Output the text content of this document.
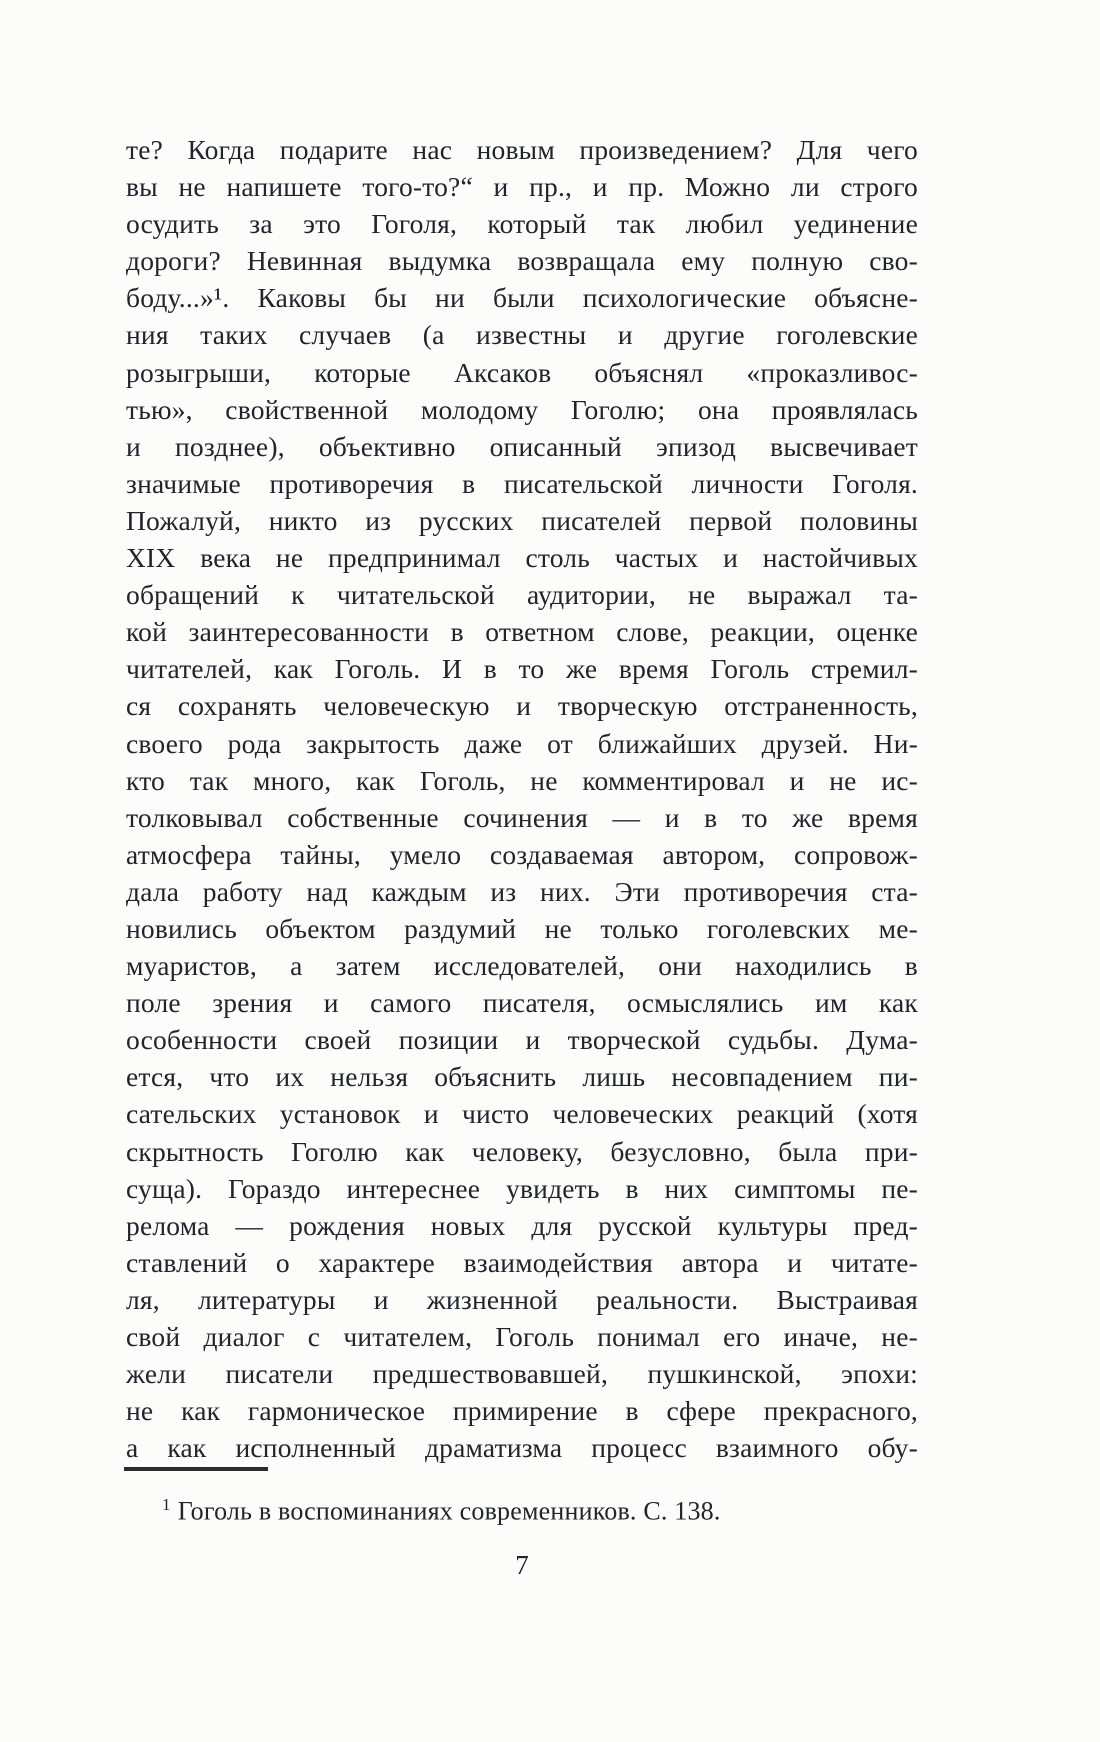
те? Когда подарите нас новым произведением? Для чего

вы не напишете того-то?“ и пр., и пр. Можно ли строго

осудить за это Гоголя, который так любил уединение

дороги? Невинная выдумка возвращала ему полную сво-

боду...»¹. Каковы бы ни были психологические объясне-

ния таких случаев (а известны и другие гоголевские

розыгрыши, которые Аксаков объяснял «проказливос-

тью», свойственной молодому Гоголю; она проявлялась

и позднее), объективно описанный эпизод высвечивает

значимые противоречия в писательской личности Гоголя.

Пожалуй, никто из русских писателей первой половины

XIX века не предпринимал столь частых и настойчивых

обращений к читательской аудитории, не выражал та-

кой заинтересованности в ответном слове, реакции, оценке

читателей, как Гоголь. И в то же время Гоголь стремил-

ся сохранять человеческую и творческую отстраненность,

своего рода закрытость даже от ближайших друзей. Ни-

кто так много, как Гоголь, не комментировал и не ис-

толковывал собственные сочинения — и в то же время

атмосфера тайны, умело создаваемая автором, сопровож-

дала работу над каждым из них. Эти противоречия ста-

новились объектом раздумий не только гоголевских ме-

муаристов, а затем исследователей, они находились в

поле зрения и самого писателя, осмыслялись им как

особенности своей позиции и творческой судьбы. Дума-

ется, что их нельзя объяснить лишь несовпадением пи-

сательских установок и чисто человеческих реакций (хотя

скрытность Гоголю как человеку, безусловно, была при-

суща). Гораздо интереснее увидеть в них симптомы пе-

релома — рождения новых для русской культуры пред-

ставлений о характере взаимодействия автора и читате-

ля, литературы и жизненной реальности. Выстраивая

свой диалог с читателем, Гоголь понимал его иначе, не-

жели писатели предшествовавшей, пушкинской, эпохи:

не как гармоническое примирение в сфере прекрасного,

а как исполненный драматизма процесс взаимного обу-

$^1$ Гоголь в воспоминаниях современников. С. 138.

7
